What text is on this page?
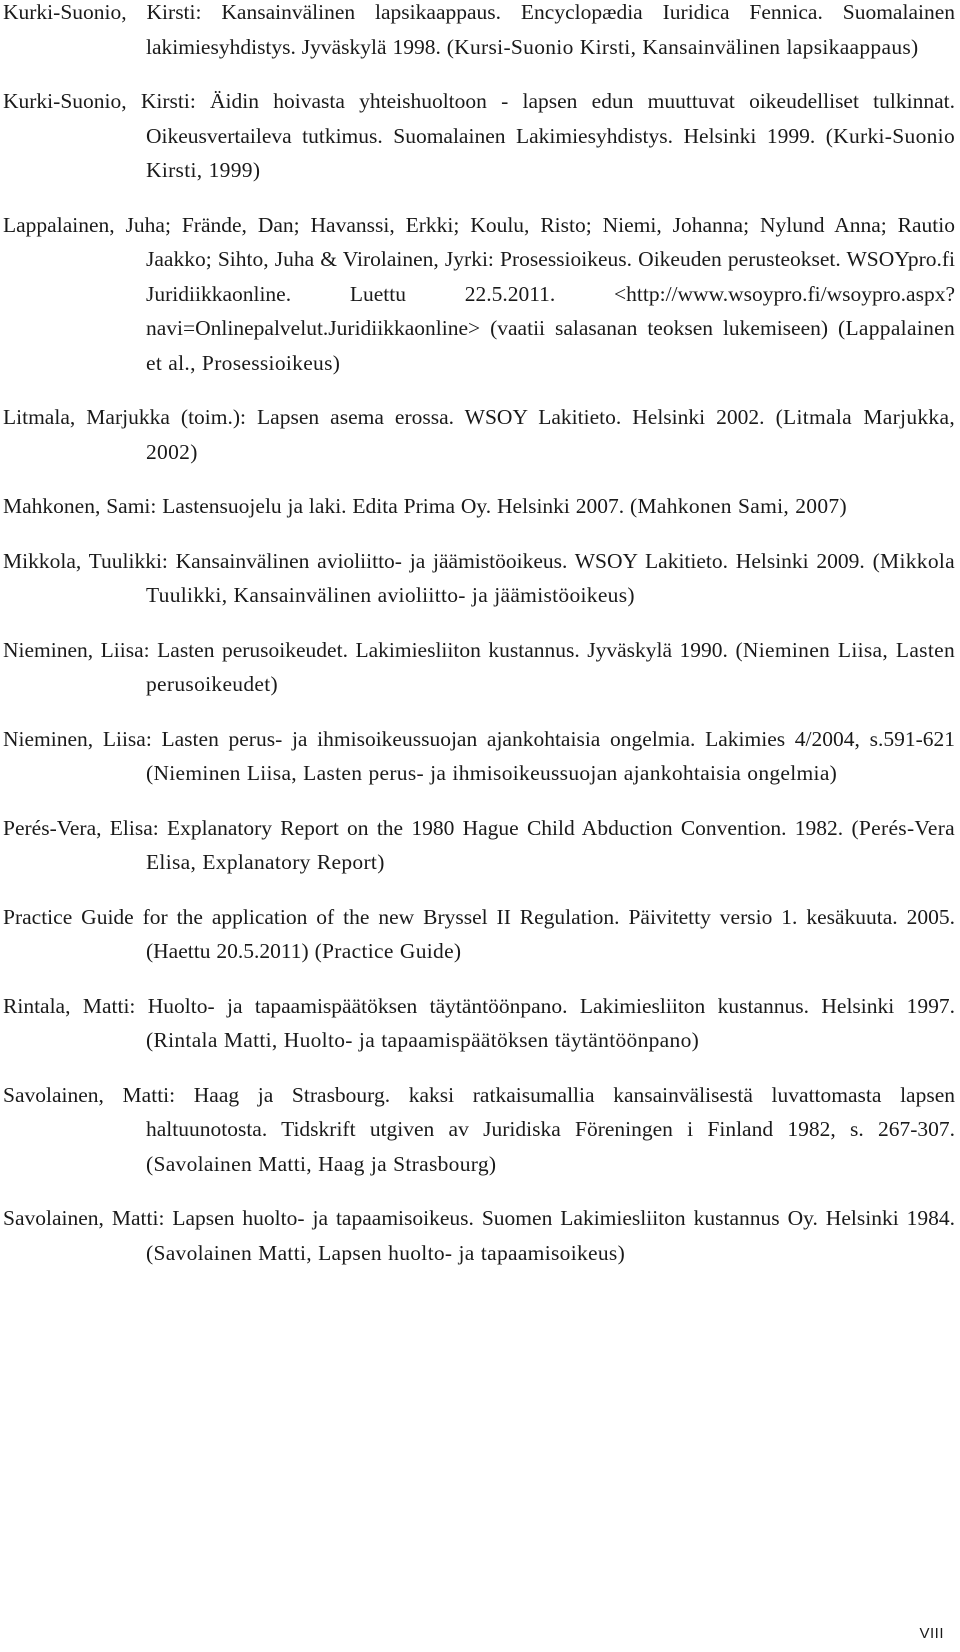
Kurki-Suonio, Kirsti: Kansainvälinen lapsikaappaus. Encyclopædia Iuridica Fennica. Suomalainen lakimiesyhdistys. Jyväskylä 1998. (Kursi-Suonio Kirsti, Kansainvälinen lapsikaappaus)

Kurki-Suonio, Kirsti: Äidin hoivasta yhteishuoltoon - lapsen edun muuttuvat oikeudelliset tulkinnat. Oikeusvertaileva tutkimus. Suomalainen Lakimiesyhdistys. Helsinki 1999. (Kurki-Suonio Kirsti, 1999)

Lappalainen, Juha; Frände, Dan; Havanssi, Erkki; Koulu, Risto; Niemi, Johanna; Nylund Anna; Rautio Jaakko; Sihto, Juha & Virolainen, Jyrki: Prosessioikeus. Oikeuden perusteokset. WSOYpro.fi Juridiikkaonline. Luettu 22.5.2011. <http://www.wsoypro.fi/wsoypro.aspx?navi=Onlinepalvelut.Juridiikkaonline> (vaatii salasanan teoksen lukemiseen) (Lappalainen et al., Prosessioikeus)

Litmala, Marjukka (toim.): Lapsen asema erossa. WSOY Lakitieto. Helsinki 2002. (Litmala Marjukka, 2002)

Mahkonen, Sami: Lastensuojelu ja laki. Edita Prima Oy. Helsinki 2007. (Mahkonen Sami, 2007)

Mikkola, Tuulikki: Kansainvälinen avioliitto- ja jäämistöoikeus. WSOY Lakitieto. Helsinki 2009. (Mikkola Tuulikki, Kansainvälinen avioliitto- ja jäämistöoikeus)

Nieminen, Liisa: Lasten perusoikeudet. Lakimiesliiton kustannus. Jyväskylä 1990. (Nieminen Liisa, Lasten perusoikeudet)

Nieminen, Liisa: Lasten perus- ja ihmisoikeussuojan ajankohtaisia ongelmia. Lakimies 4/2004, s.591-621 (Nieminen Liisa, Lasten perus- ja ihmisoikeussuojan ajankohtaisia ongelmia)

Perés-Vera, Elisa: Explanatory Report on the 1980 Hague Child Abduction Convention. 1982. (Perés-Vera Elisa, Explanatory Report)

Practice Guide for the application of the new Bryssel II Regulation. Päivitetty versio 1. kesäkuuta. 2005. (Haettu 20.5.2011) (Practice Guide)

Rintala, Matti: Huolto- ja tapaamispäätöksen täytäntöönpano. Lakimiesliiton kustannus. Helsinki 1997. (Rintala Matti, Huolto- ja tapaamispäätöksen täytäntöönpano)

Savolainen, Matti: Haag ja Strasbourg. kaksi ratkaisumallia kansainvälisestä luvattomasta lapsen haltuunotosta. Tidskrift utgiven av Juridiska Föreningen i Finland 1982, s. 267-307. (Savolainen Matti, Haag ja Strasbourg)

Savolainen, Matti: Lapsen huolto- ja tapaamisoikeus. Suomen Lakimiesliiton kustannus Oy. Helsinki 1984. (Savolainen Matti, Lapsen huolto- ja tapaamisoikeus)

VIII
